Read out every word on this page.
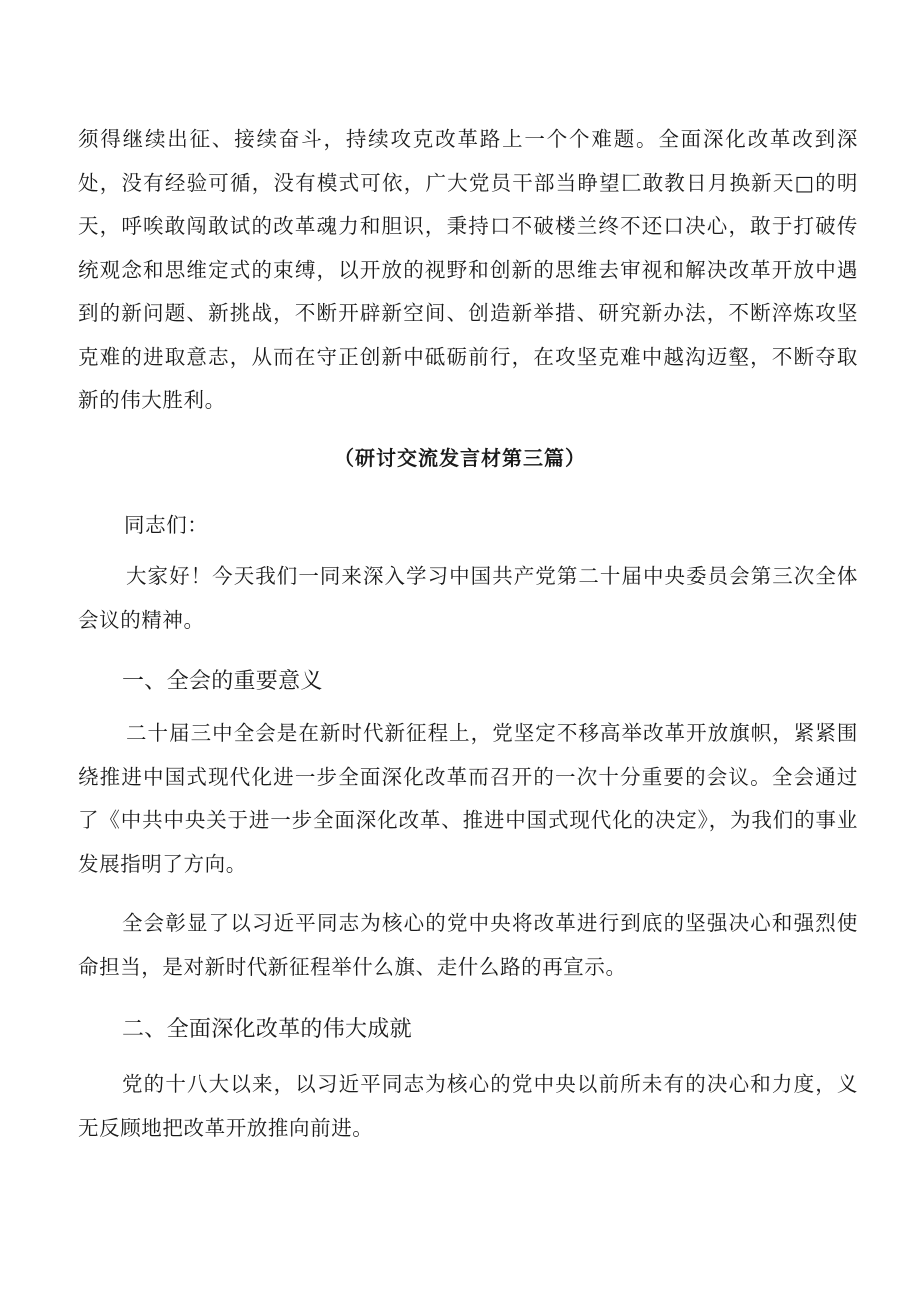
须得继续出征、接续奋斗，持续攻克改革路上一个个难题。全面深化改革改到深处，没有经验可循，没有模式可依，广大党员干部当睁望匚敢教日月换新天□的明天，呼唉敢闯敢试的改革魂力和胆识，秉持口不破楼兰终不还口决心，敢于打破传统观念和思维定式的束缚，以开放的视野和创新的思维去审视和解决改革开放中遇到的新问题、新挑战，不断开辟新空间、创造新举措、研究新办法，不断淬炼攻坚克难的进取意志，从而在守正创新中砥砺前行，在攻坚克难中越沟迈壑，不断夺取新的伟大胜利。

（研讨交流发言材第三篇）

同志们：

大家好！今天我们一同来深入学习中国共产党第二十届中央委员会第三次全体会议的精神。

一、全会的重要意义

二十届三中全会是在新时代新征程上，党坚定不移高举改革开放旗帜，紧紧围绕推进中国式现代化进一步全面深化改革而召开的一次十分重要的会议。全会通过了《中共中央关于进一步全面深化改革、推进中国式现代化的决定》，为我们的事业发展指明了方向。

全会彰显了以习近平同志为核心的党中央将改革进行到底的坚强决心和强烈使命担当，是对新时代新征程举什么旗、走什么路的再宣示。

二、全面深化改革的伟大成就

党的十八大以来，以习近平同志为核心的党中央以前所未有的决心和力度，义无反顾地把改革开放推向前进。
